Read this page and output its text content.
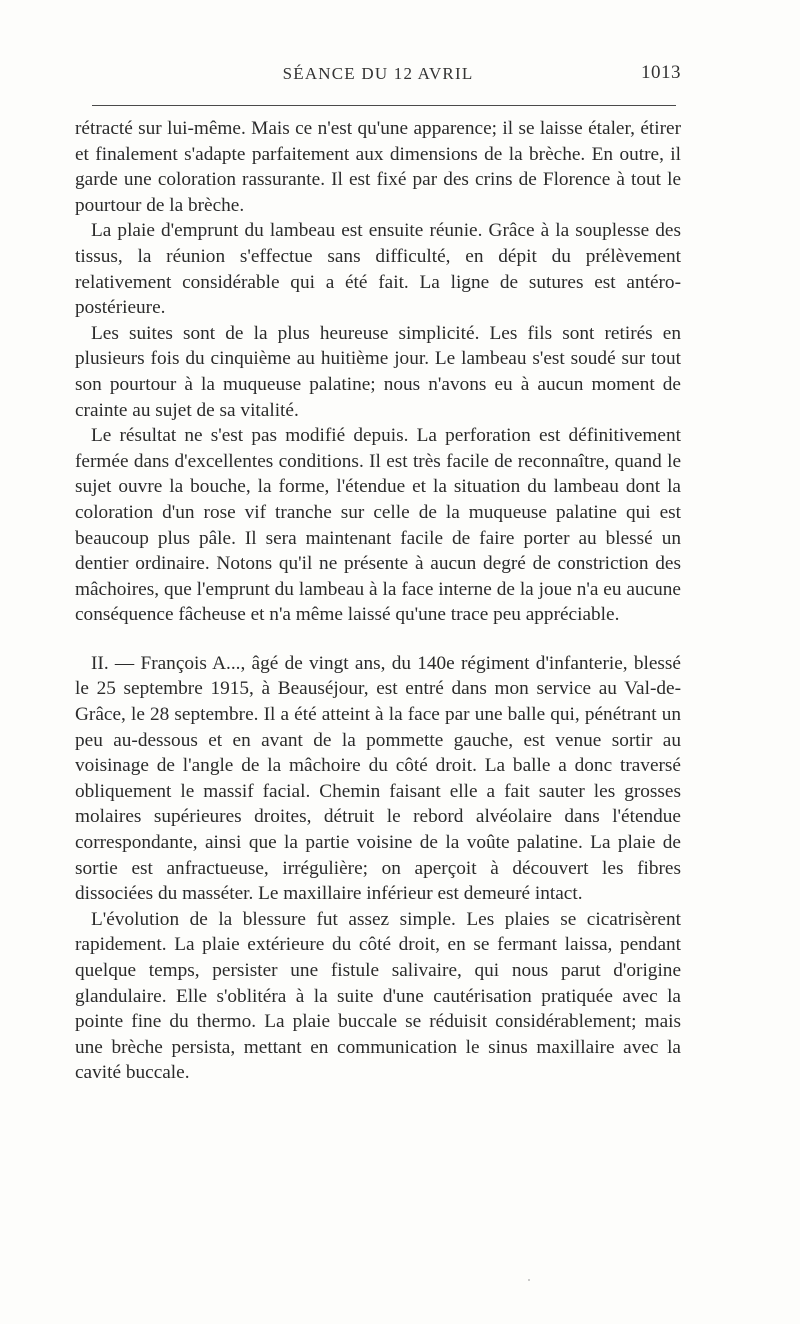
SÉANCE DU 12 AVRIL	1013

rétracté sur lui-même. Mais ce n'est qu'une apparence; il se laisse étaler, étirer et finalement s'adapte parfaitement aux dimensions de la brèche. En outre, il garde une coloration rassurante. Il est fixé par des crins de Florence à tout le pourtour de la brèche.

La plaie d'emprunt du lambeau est ensuite réunie. Grâce à la souplesse des tissus, la réunion s'effectue sans difficulté, en dépit du prélèvement relativement considérable qui a été fait. La ligne de sutures est antéro-postérieure.

Les suites sont de la plus heureuse simplicité. Les fils sont retirés en plusieurs fois du cinquième au huitième jour. Le lambeau s'est soudé sur tout son pourtour à la muqueuse palatine; nous n'avons eu à aucun moment de crainte au sujet de sa vitalité.

Le résultat ne s'est pas modifié depuis. La perforation est définitivement fermée dans d'excellentes conditions. Il est très facile de reconnaître, quand le sujet ouvre la bouche, la forme, l'étendue et la situation du lambeau dont la coloration d'un rose vif tranche sur celle de la muqueuse palatine qui est beaucoup plus pâle. Il sera maintenant facile de faire porter au blessé un dentier ordinaire. Notons qu'il ne présente à aucun degré de constriction des mâchoires, que l'emprunt du lambeau à la face interne de la joue n'a eu aucune conséquence fâcheuse et n'a même laissé qu'une trace peu appréciable.

II. — François A..., âgé de vingt ans, du 140e régiment d'infanterie, blessé le 25 septembre 1915, à Beauséjour, est entré dans mon service au Val-de-Grâce, le 28 septembre. Il a été atteint à la face par une balle qui, pénétrant un peu au-dessous et en avant de la pommette gauche, est venue sortir au voisinage de l'angle de la mâchoire du côté droit. La balle a donc traversé obliquement le massif facial. Chemin faisant elle a fait sauter les grosses molaires supérieures droites, détruit le rebord alvéolaire dans l'étendue correspondante, ainsi que la partie voisine de la voûte palatine. La plaie de sortie est anfractueuse, irrégulière; on aperçoit à découvert les fibres dissociées du masséter. Le maxillaire inférieur est demeuré intact.

L'évolution de la blessure fut assez simple. Les plaies se cicatrisèrent rapidement. La plaie extérieure du côté droit, en se fermant laissa, pendant quelque temps, persister une fistule salivaire, qui nous parut d'origine glandulaire. Elle s'oblitéra à la suite d'une cautérisation pratiquée avec la pointe fine du thermo. La plaie buccale se réduisit considérablement; mais une brèche persista, mettant en communication le sinus maxillaire avec la cavité buccale.
